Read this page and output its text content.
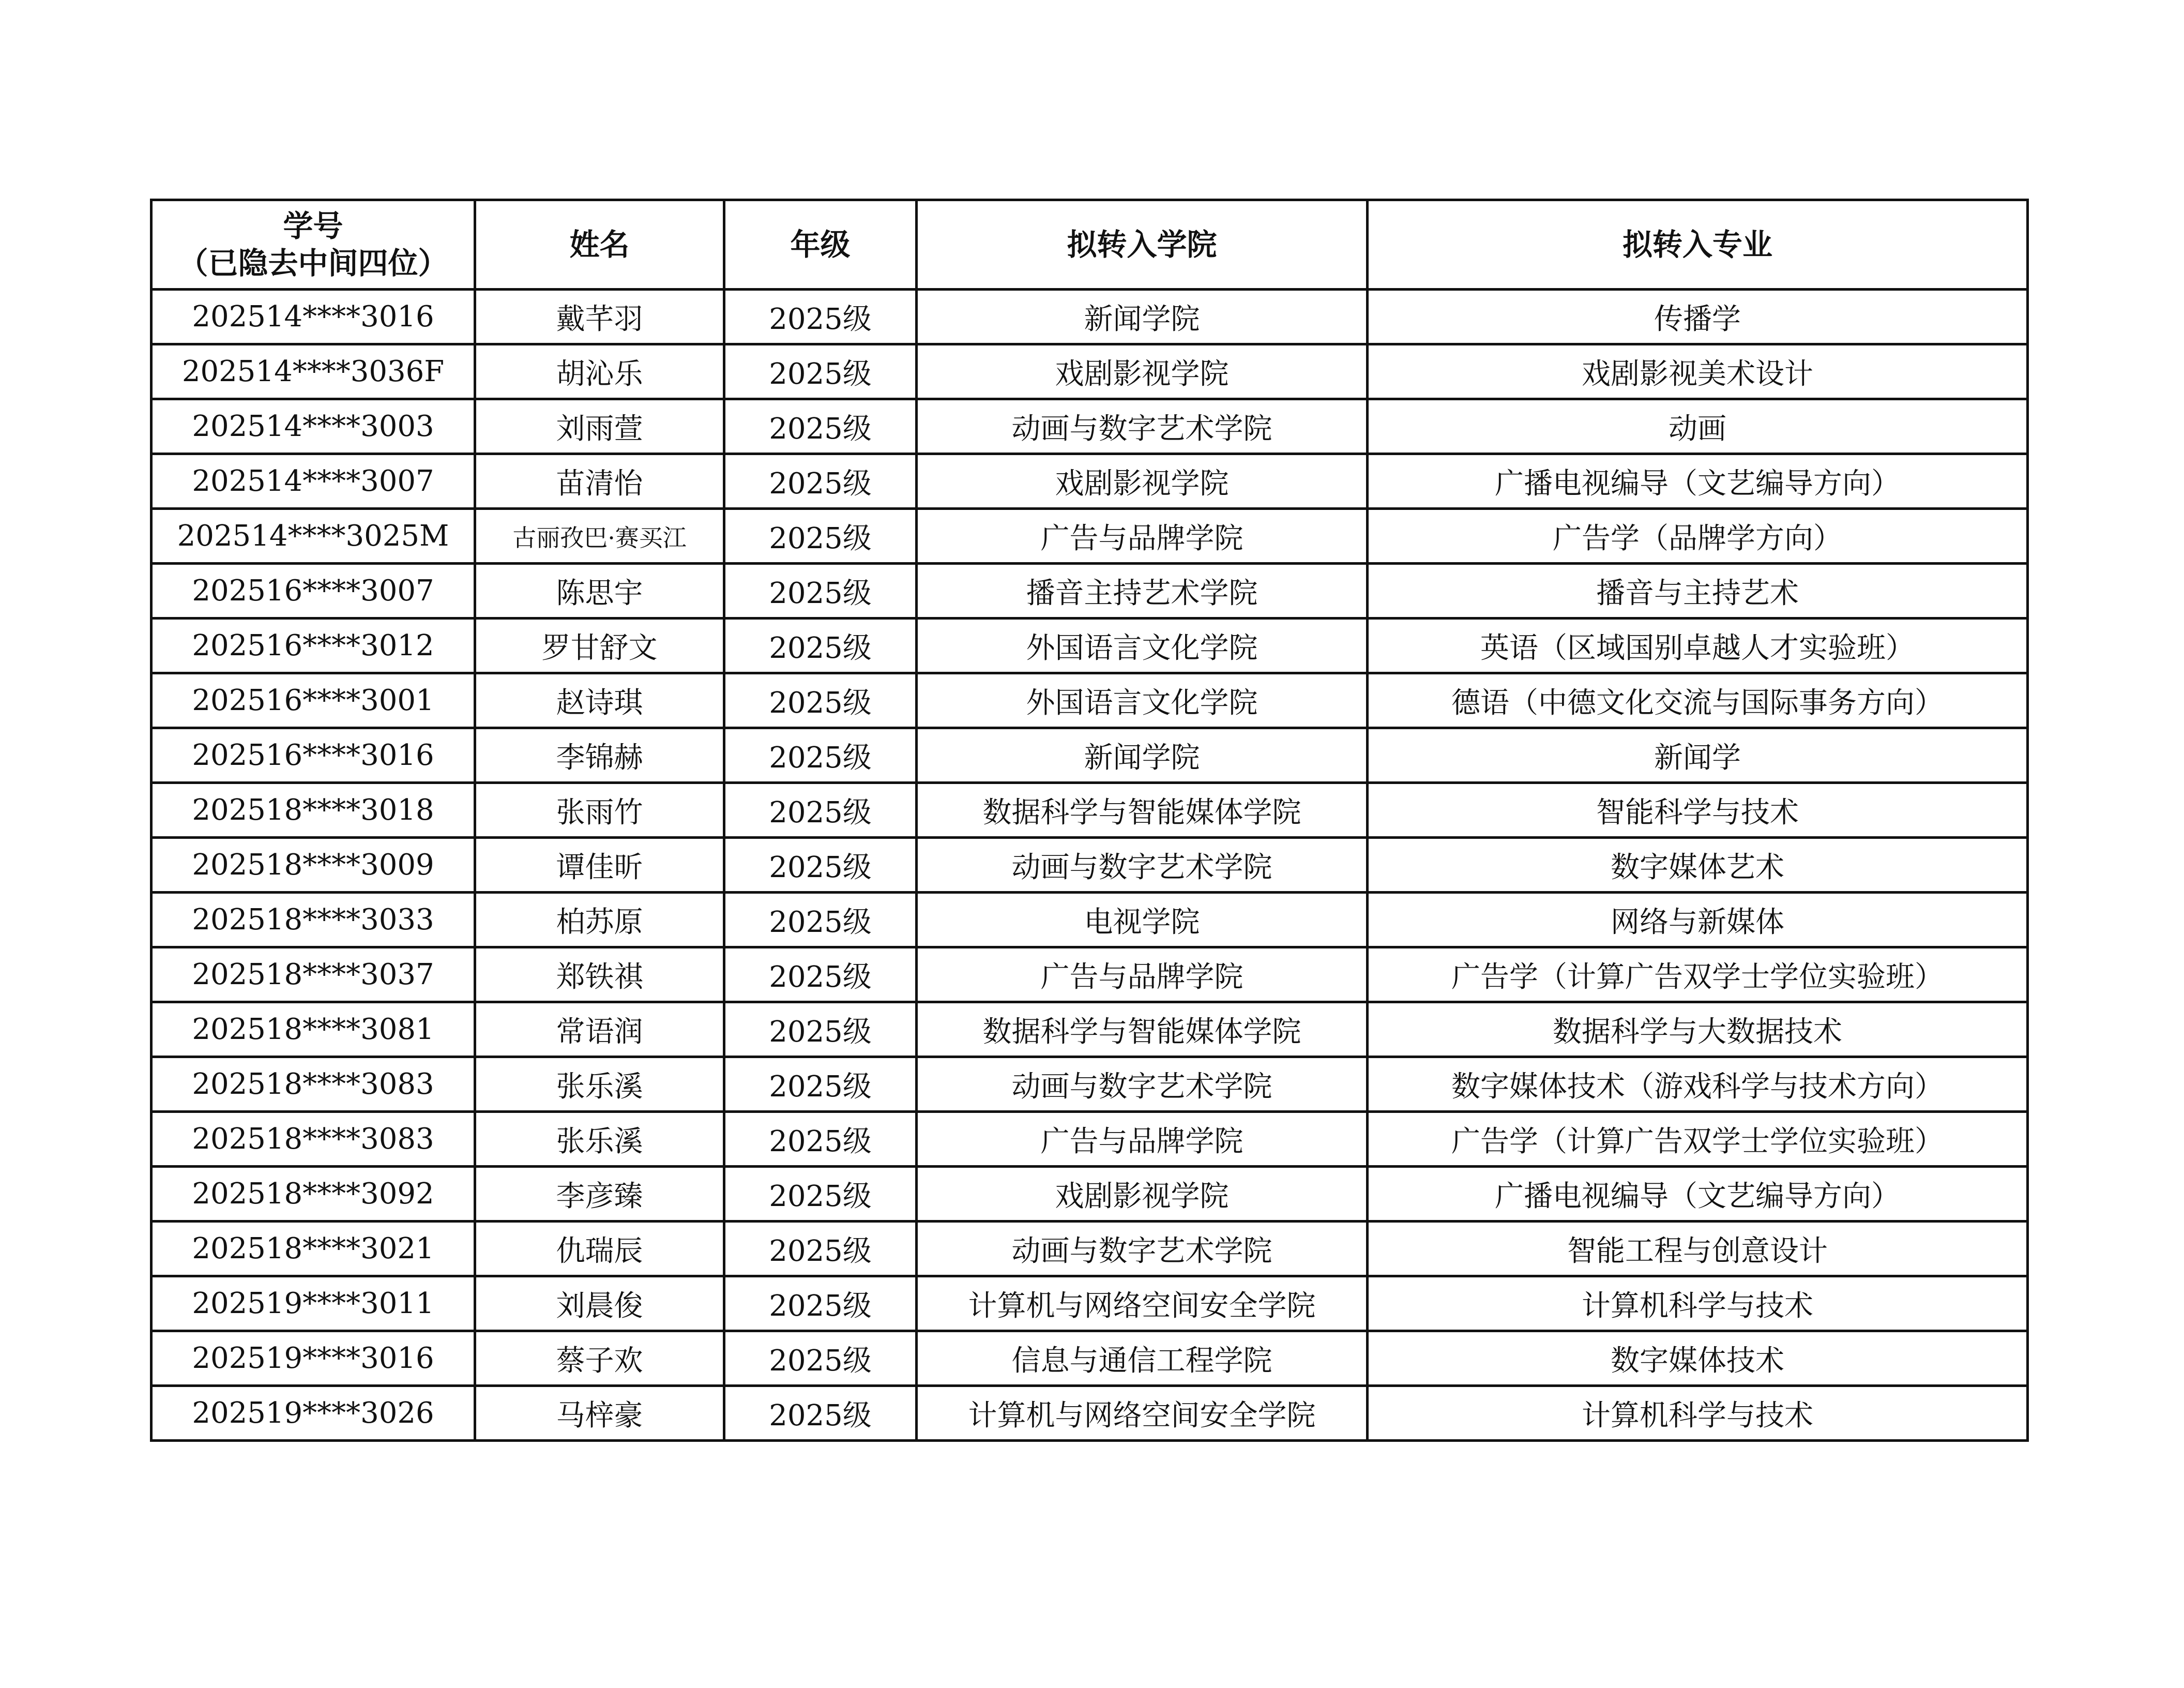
学号
（已隐去中间四位）	姓名	年级	拟转入学院	拟转入专业
202514****3016	戴芊羽	2025级	新闻学院	传播学
202514****3036F	胡沁乐	2025级	戏剧影视学院	戏剧影视美术设计
202514****3003	刘雨萱	2025级	动画与数字艺术学院	动画
202514****3007	苗清怡	2025级	戏剧影视学院	广播电视编导（文艺编导方向）
202514****3025M	古丽孜巴·赛买江	2025级	广告与品牌学院	广告学（品牌学方向）
202516****3007	陈思宇	2025级	播音主持艺术学院	播音与主持艺术
202516****3012	罗甘舒文	2025级	外国语言文化学院	英语（区域国别卓越人才实验班）
202516****3001	赵诗琪	2025级	外国语言文化学院	德语（中德文化交流与国际事务方向）
202516****3016	李锦赫	2025级	新闻学院	新闻学
202518****3018	张雨竹	2025级	数据科学与智能媒体学院	智能科学与技术
202518****3009	谭佳昕	2025级	动画与数字艺术学院	数字媒体艺术
202518****3033	柏苏原	2025级	电视学院	网络与新媒体
202518****3037	郑铁祺	2025级	广告与品牌学院	广告学（计算广告双学士学位实验班）
202518****3081	常语润	2025级	数据科学与智能媒体学院	数据科学与大数据技术
202518****3083	张乐溪	2025级	动画与数字艺术学院	数字媒体技术（游戏科学与技术方向）
202518****3083	张乐溪	2025级	广告与品牌学院	广告学（计算广告双学士学位实验班）
202518****3092	李彦臻	2025级	戏剧影视学院	广播电视编导（文艺编导方向）
202518****3021	仇瑞辰	2025级	动画与数字艺术学院	智能工程与创意设计
202519****3011	刘晨俊	2025级	计算机与网络空间安全学院	计算机科学与技术
202519****3016	蔡子欢	2025级	信息与通信工程学院	数字媒体技术
202519****3026	马梓豪	2025级	计算机与网络空间安全学院	计算机科学与技术
